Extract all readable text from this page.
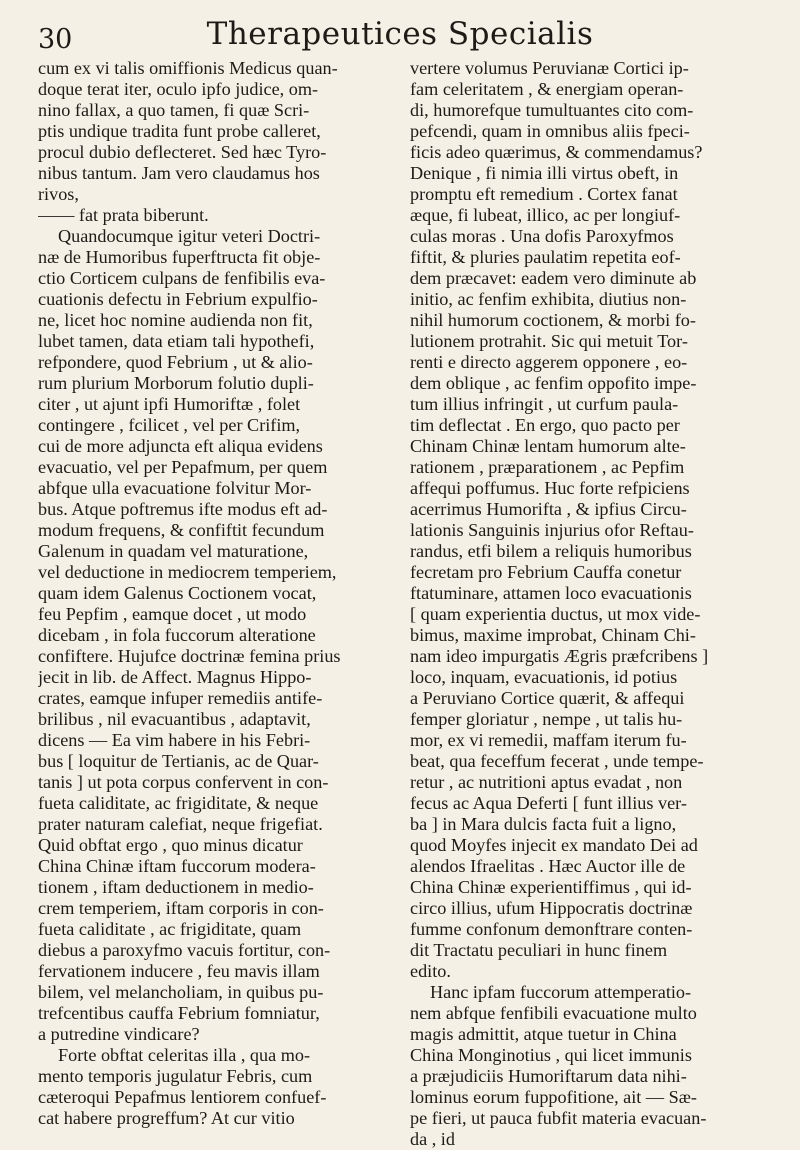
30	Therapeutices Specialis
cum ex vi talis omiffionis Medicus quan-
doque terat iter, oculo ipfo judice, om-
nino fallax, a quo tamen, fi quæ Scri-
ptis undique tradita funt probe calleret,
procul dubio deflecteret. Sed hæc Tyro-
nibus tantum. Jam vero claudamus hos
rivos,
—— fat prata biberunt.
Quandocumque igitur veteri Doctri-
næ de Humoribus fuperftructa fit obje-
ctio Corticem culpans de fenfibilis eva-
cuationis defectu in Febrium expulfio-
ne, licet hoc nomine audienda non fit,
lubet tamen, data etiam tali hypothefi,
refpondere, quod Febrium , ut & alio-
rum plurium Morborum folutio dupli-
citer , ut ajunt ipfi Humoriftæ , folet
contingere , fcilicet , vel per Crifim,
cui de more adjuncta eft aliqua evidens
evacuatio, vel per Pepafmum, per quem
abfque ulla evacuatione folvitur Mor-
bus. Atque poftremus ifte modus eft ad-
modum frequens, & confiftit fecundum
Galenum in quadam vel maturatione,
vel deductione in mediocrem temperiem,
quam idem Galenus Coctionem vocat,
feu Pepfim , eamque docet , ut modo
dicebam , in fola fuccorum alteratione
confiftere. Hujufce doctrinæ femina prius
jecit in lib. de Affect. Magnus Hippo-
crates, eamque infuper remediis antife-
brilibus , nil evacuantibus , adaptavit,
dicens — Ea vim habere in his Febri-
bus [ loquitur de Tertianis, ac de Quar-
tanis ] ut pota corpus confervent in con-
fueta caliditate, ac frigiditate, & neque
prater naturam calefiat, neque frigefiat.
Quid obftat ergo , quo minus dicatur
China Chinæ iftam fuccorum modera-
tionem , iftam deductionem in medio-
crem temperiem, iftam corporis in con-
fueta caliditate , ac frigiditate, quam
diebus a paroxyfmo vacuis fortitur, con-
fervationem inducere , feu mavis illam
bilem, vel melancholiam, in quibus pu-
trefcentibus cauffa Febrium fomniatur,
a putredine vindicare?
Forte obftat celeritas illa , qua mo-
mento temporis jugulatur Febris, cum
cæteroqui Pepafmus lentiorem confuef-
cat habere progreffum? At cur vitio
vertere volumus Peruvianæ Cortici ip-
fam celeritatem , & energiam operan-
di, humorefque tumultuantes cito com-
pefcendi, quam in omnibus aliis fpeci-
ficis adeo quærimus, & commendamus?
Denique , fi nimia illi virtus obeft, in
promptu eft remedium . Cortex fanat
æque, fi lubeat, illico, ac per longiuf-
culas moras . Una dofis Paroxyfmos
fiftit, & pluries paulatim repetita eof-
dem præcavet: eadem vero diminute ab
initio, ac fenfim exhibita, diutius non-
nihil humorum coctionem, & morbi fo-
lutionem protrahit. Sic qui metuit Tor-
renti e directo aggerem opponere , eo-
dem oblique , ac fenfim oppofito impe-
tum illius infringit , ut curfum paula-
tim deflectat . En ergo, quo pacto per
Chinam Chinæ lentam humorum alte-
rationem , præparationem , ac Pepfim
affequi poffumus. Huc forte refpiciens
acerrimus Humorifta , & ipfius Circu-
lationis Sanguinis injurius ofor Reftau-
randus, etfi bilem a reliquis humoribus
fecretam pro Febrium Cauffa conetur
ftatuminare, attamen loco evacuationis
[ quam experientia ductus, ut mox vide-
bimus, maxime improbat, Chinam Chi-
nam ideo impurgatis Ægris præfcribens ]
loco, inquam, evacuationis, id potius
a Peruviano Cortice quærit, & affequi
femper gloriatur , nempe , ut talis hu-
mor, ex vi remedii, maffam iterum fu-
beat, qua feceffum fecerat , unde tempe-
retur , ac nutritioni aptus evadat , non
fecus ac Aqua Deferti [ funt illius ver-
ba ] in Mara dulcis facta fuit a ligno,
quod Moyfes injecit ex mandato Dei ad
alendos Ifraelitas . Hæc Auctor ille de
China Chinæ experientiffimus , qui id-
circo illius, ufum Hippocratis doctrinæ
fumme confonum demonftrare conten-
dit Tractatu peculiari in hunc finem
edito.
Hanc ipfam fuccorum attemperatio-
nem abfque fenfibili evacuatione multo
magis admittit, atque tuetur in China
China Monginotius , qui licet immunis
a præjudiciis Humoriftarum data nihi-
lominus eorum fuppofitione, ait — Sæ-
pe fieri, ut pauca fubfit materia evacuan-
da , id
